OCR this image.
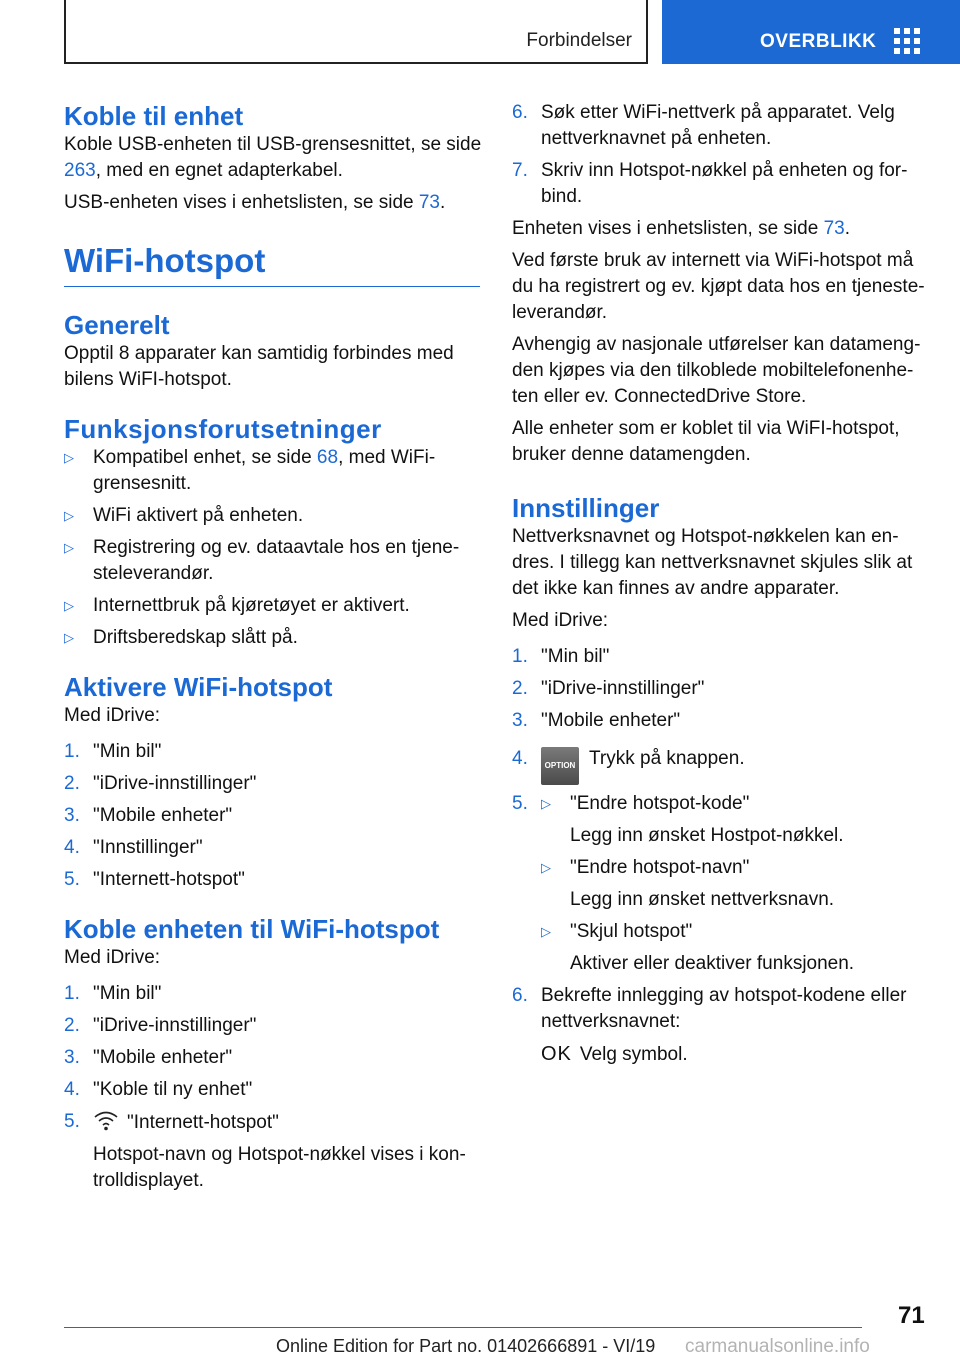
Forbindelser	OVERBLIKK
Koble til enhet

Koble USB-enheten til USB-grensesnittet, se side 263, med en egnet adapterkabel.

USB-enheten vises i enhetslisten, se side 73.

WiFi-hotspot
Generelt

Opptil 8 apparater kan samtidig forbindes med bilens WiFI-hotspot.

Funksjonsforutsetninger
▷ Kompatibel enhet, se side 68, med WiFi-grensesnitt.
▷ WiFi aktivert på enheten.
▷ Registrering og ev. dataavtale hos en tjenesteleverandør.
▷ Internettbruk på kjøretøyet er aktivert.
▷ Driftsberedskap slått på.
Aktivere WiFi-hotspot

Med iDrive:

1. "Min bil"
2. "iDrive-innstillinger"
3. "Mobile enheter"
4. "Innstillinger"
5. "Internett-hotspot"
Koble enheten til WiFi-hotspot

Med iDrive:

1. "Min bil"
2. "iDrive-innstillinger"
3. "Mobile enheter"
4. "Koble til ny enhet"
5. "Internett-hotspot"
Hotspot-navn og Hotspot-nøkkel vises i kontrolldisplayet.
6. Søk etter WiFi-nettverk på apparatet. Velg nettverknavnet på enheten.
7. Skriv inn Hotspot-nøkkel på enheten og forbind.

Enheten vises i enhetslisten, se side 73.

Ved første bruk av internett via WiFi-hotspot må du ha registrert og ev. kjøpt data hos en tjenesteleverandør.

Avhengig av nasjonale utførelser kan datamengden kjøpes via den tilkoblede mobiltelefonenheten eller ev. ConnectedDrive Store.

Alle enheter som er koblet til via WiFI-hotspot, bruker denne datamengden.

Innstillinger

Nettverksnavnet og Hotspot-nøkkelen kan endres. I tillegg kan nettverksnavnet skjules slik at det ikke kan finnes av andre apparater.

Med iDrive:

1. "Min bil"
2. "iDrive-innstillinger"
3. "Mobile enheter"
4. OPTION Trykk på knappen.
5. ▷ "Endre hotspot-kode"
Legg inn ønsket Hostpot-nøkkel.
▷ "Endre hotspot-navn"
Legg inn ønsket nettverksnavn.
▷ "Skjul hotspot"
Aktiver eller deaktiver funksjonen.
6. Bekrefte innlegging av hotspot-kodene eller nettverksnavnet:
OK Velg symbol.
71
Online Edition for Part no. 01402666891 - VI/19 carmanualsonline.info
